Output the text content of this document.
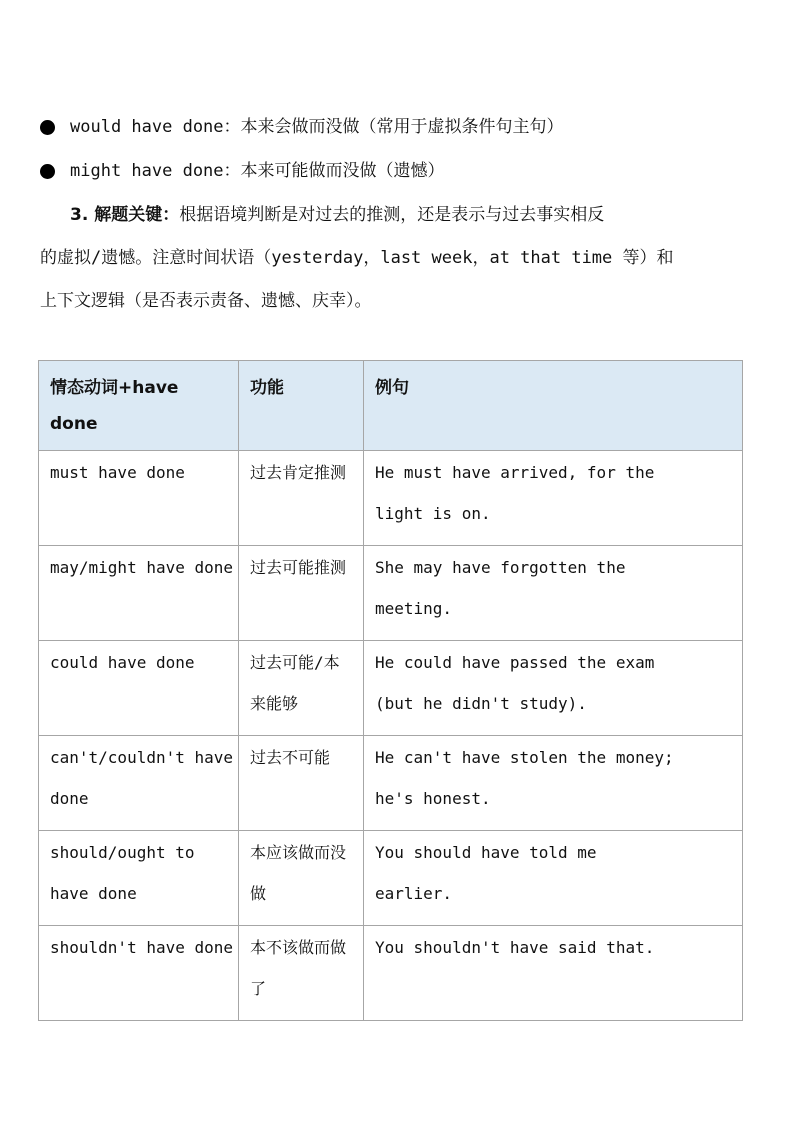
would have done：本来会做而没做（常用于虚拟条件句主句）
might have done：本来可能做而没做（遗憾）
3. 解题关键：根据语境判断是对过去的推测，还是表示与过去事实相反
的虚拟/遗憾。注意时间状语（yesterday，last week，at that time 等）和
上下文逻辑（是否表示责备、遗憾、庆幸）。
情态动词+have done	功能	例句

must have done	过去肯定推测	He must have arrived, for the
light is on.

may/might have done	过去可能推测	She may have forgotten the
meeting.

could have done	过去可能/本
来能够	He could have passed the exam
(but he didn't study).

can't/couldn't have
done	过去不可能	He can't have stolen the money;
he's honest.

should/ought to
have done	本应该做而没
做	You should have told me
earlier.

shouldn't have done	本不该做而做
了	You shouldn't have said that.
